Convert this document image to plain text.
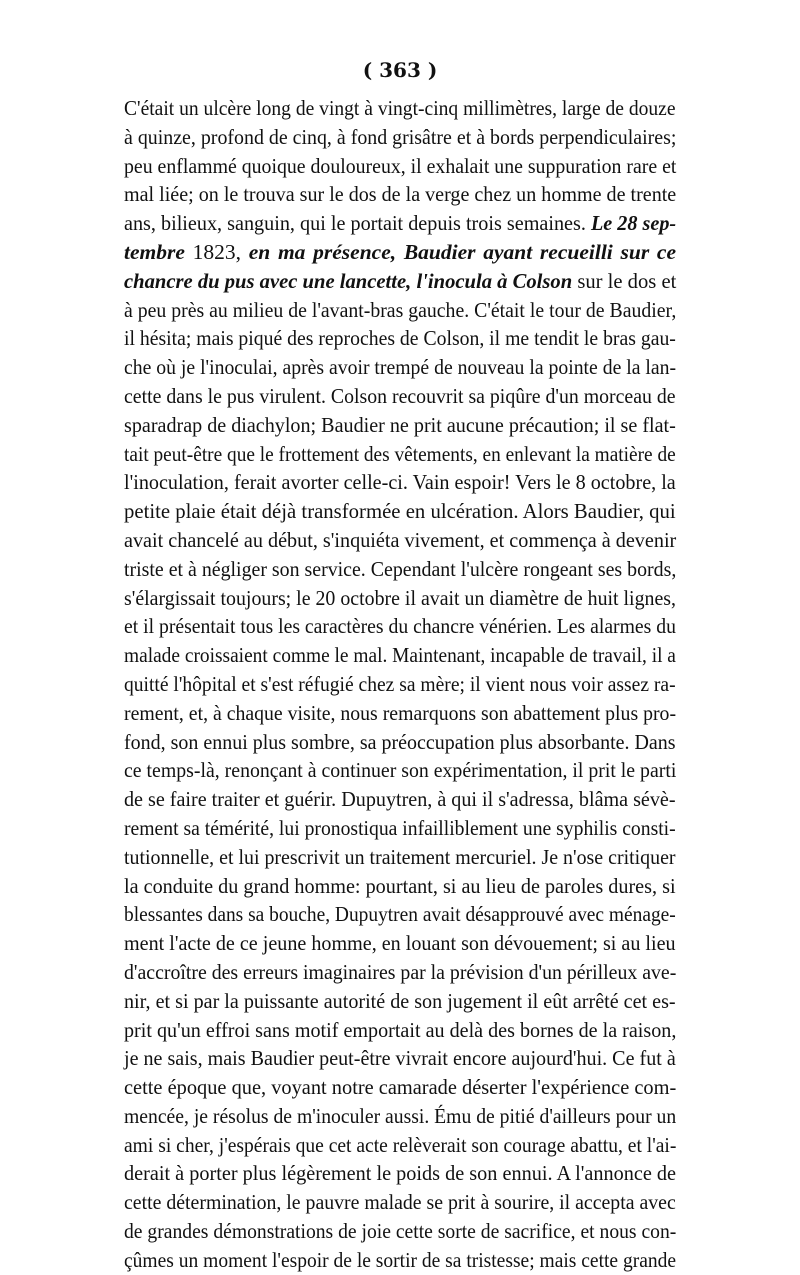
( 363 )
C'était un ulcère long de vingt à vingt-cinq millimètres, large de douze
à quinze, profond de cinq, à fond grisâtre et à bords perpendiculaires;
peu enflammé quoique douloureux, il exhalait une suppuration rare et
mal liée; on le trouva sur le dos de la verge chez un homme de trente
ans, bilieux, sanguin, qui le portait depuis trois semaines. Le 28 sep-
tembre 1823, en ma présence, Baudier ayant recueilli sur ce
chancre du pus avec une lancette, l'inocula à Colson sur le dos et
à peu près au milieu de l'avant-bras gauche. C'était le tour de Baudier,
il hésita; mais piqué des reproches de Colson, il me tendit le bras gau-
che où je l'inoculai, après avoir trempé de nouveau la pointe de la lan-
cette dans le pus virulent. Colson recouvrit sa piqûre d'un morceau de
sparadrap de diachylon; Baudier ne prit aucune précaution; il se flat-
tait peut-être que le frottement des vêtements, en enlevant la matière de
l'inoculation, ferait avorter celle-ci. Vain espoir! Vers le 8 octobre, la
petite plaie était déjà transformée en ulcération. Alors Baudier, qui
avait chancelé au début, s'inquiéta vivement, et commença à devenir
triste et à négliger son service. Cependant l'ulcère rongeant ses bords,
s'élargissait toujours; le 20 octobre il avait un diamètre de huit lignes,
et il présentait tous les caractères du chancre vénérien. Les alarmes du
malade croissaient comme le mal. Maintenant, incapable de travail, il a
quitté l'hôpital et s'est réfugié chez sa mère; il vient nous voir assez ra-
rement, et, à chaque visite, nous remarquons son abattement plus pro-
fond, son ennui plus sombre, sa préoccupation plus absorbante. Dans
ce temps-là, renonçant à continuer son expérimentation, il prit le parti
de se faire traiter et guérir. Dupuytren, à qui il s'adressa, blâma sévè-
rement sa témérité, lui pronostiqua infailliblement une syphilis consti-
tutionnelle, et lui prescrivit un traitement mercuriel. Je n'ose critiquer
la conduite du grand homme: pourtant, si au lieu de paroles dures, si
blessantes dans sa bouche, Dupuytren avait désapprouvé avec ménage-
ment l'acte de ce jeune homme, en louant son dévouement; si au lieu
d'accroître des erreurs imaginaires par la prévision d'un périlleux ave-
nir, et si par la puissante autorité de son jugement il eût arrêté cet es-
prit qu'un effroi sans motif emportait au delà des bornes de la raison,
je ne sais, mais Baudier peut-être vivrait encore aujourd'hui. Ce fut à
cette époque que, voyant notre camarade déserter l'expérience com-
mencée, je résolus de m'inoculer aussi. Ému de pitié d'ailleurs pour un
ami si cher, j'espérais que cet acte relèverait son courage abattu, et l'ai-
derait à porter plus légèrement le poids de son ennui. A l'annonce de
cette détermination, le pauvre malade se prit à sourire, il accepta avec
de grandes démonstrations de joie cette sorte de sacrifice, et nous con-
çûmes un moment l'espoir de le sortir de sa tristesse; mais cette grande
